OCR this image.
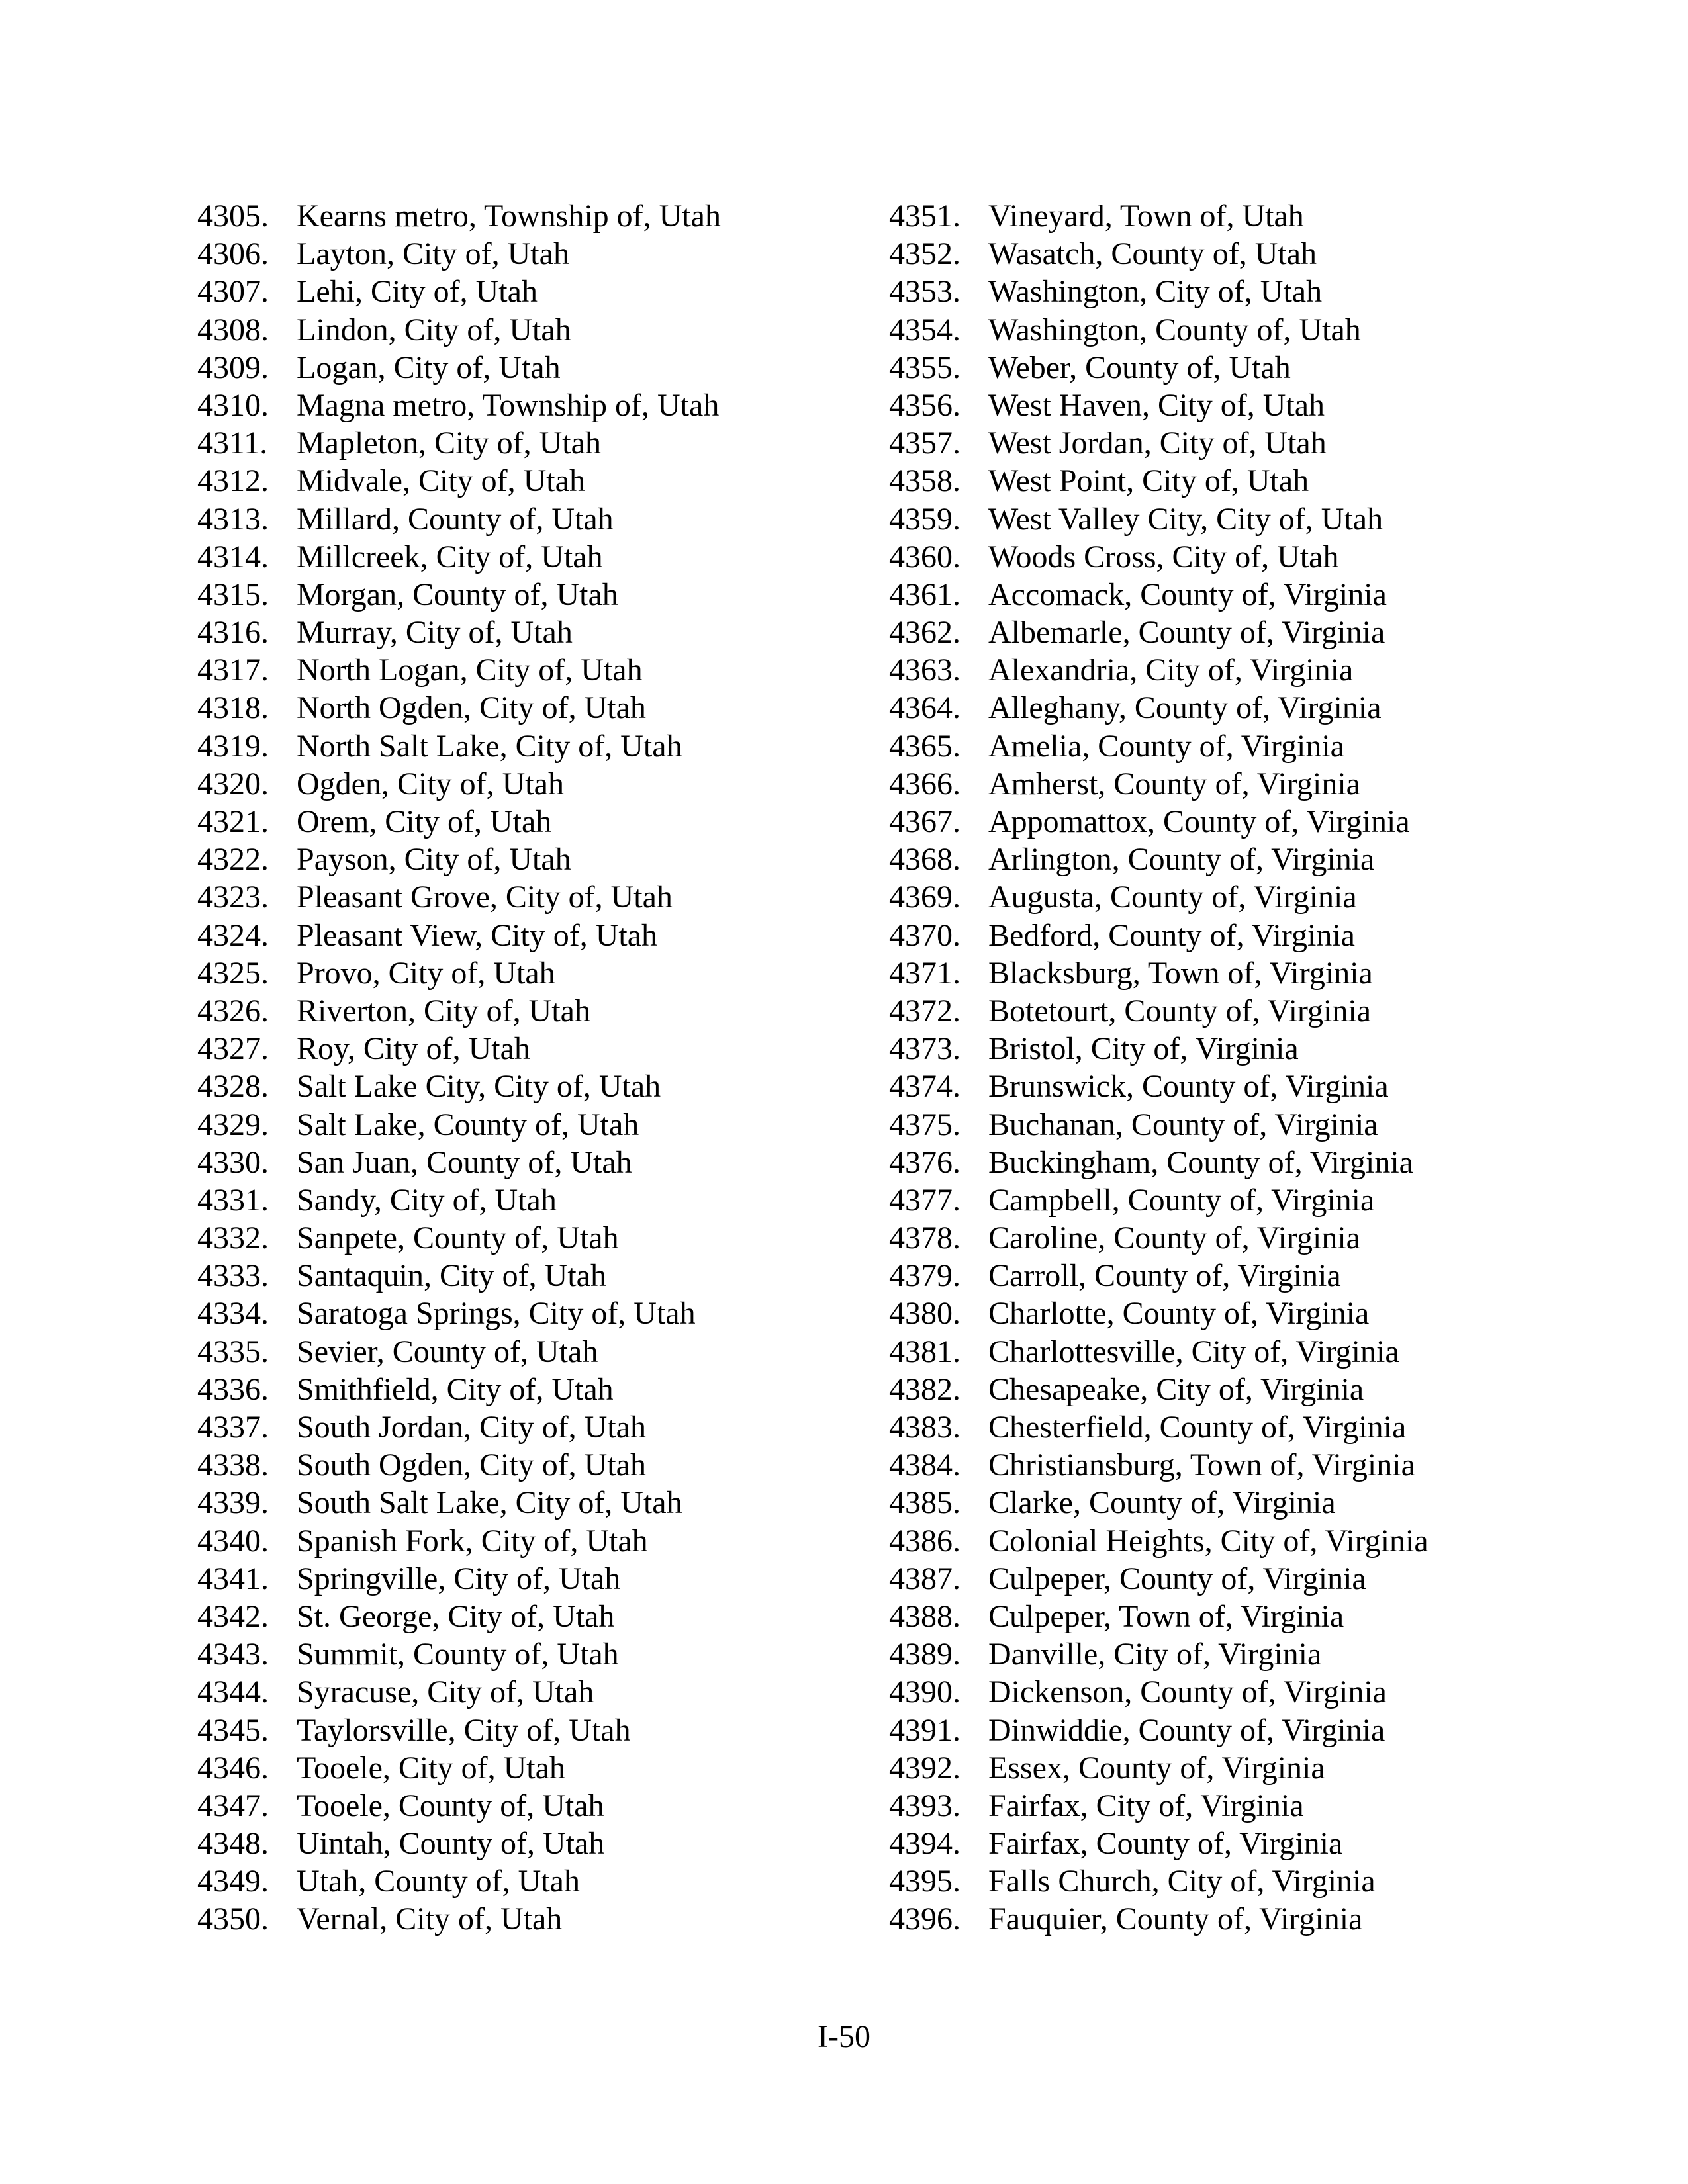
4305. Kearns metro, Township of, Utah
4306. Layton, City of, Utah
4307. Lehi, City of, Utah
4308. Lindon, City of, Utah
4309. Logan, City of, Utah
4310. Magna metro, Township of, Utah
4311. Mapleton, City of, Utah
4312. Midvale, City of, Utah
4313. Millard, County of, Utah
4314. Millcreek, City of, Utah
4315. Morgan, County of, Utah
4316. Murray, City of, Utah
4317. North Logan, City of, Utah
4318. North Ogden, City of, Utah
4319. North Salt Lake, City of, Utah
4320. Ogden, City of, Utah
4321. Orem, City of, Utah
4322. Payson, City of, Utah
4323. Pleasant Grove, City of, Utah
4324. Pleasant View, City of, Utah
4325. Provo, City of, Utah
4326. Riverton, City of, Utah
4327. Roy, City of, Utah
4328. Salt Lake City, City of, Utah
4329. Salt Lake, County of, Utah
4330. San Juan, County of, Utah
4331. Sandy, City of, Utah
4332. Sanpete, County of, Utah
4333. Santaquin, City of, Utah
4334. Saratoga Springs, City of, Utah
4335. Sevier, County of, Utah
4336. Smithfield, City of, Utah
4337. South Jordan, City of, Utah
4338. South Ogden, City of, Utah
4339. South Salt Lake, City of, Utah
4340. Spanish Fork, City of, Utah
4341. Springville, City of, Utah
4342. St. George, City of, Utah
4343. Summit, County of, Utah
4344. Syracuse, City of, Utah
4345. Taylorsville, City of, Utah
4346. Tooele, City of, Utah
4347. Tooele, County of, Utah
4348. Uintah, County of, Utah
4349. Utah, County of, Utah
4350. Vernal, City of, Utah
4351. Vineyard, Town of, Utah
4352. Wasatch, County of, Utah
4353. Washington, City of, Utah
4354. Washington, County of, Utah
4355. Weber, County of, Utah
4356. West Haven, City of, Utah
4357. West Jordan, City of, Utah
4358. West Point, City of, Utah
4359. West Valley City, City of, Utah
4360. Woods Cross, City of, Utah
4361. Accomack, County of, Virginia
4362. Albemarle, County of, Virginia
4363. Alexandria, City of, Virginia
4364. Alleghany, County of, Virginia
4365. Amelia, County of, Virginia
4366. Amherst, County of, Virginia
4367. Appomattox, County of, Virginia
4368. Arlington, County of, Virginia
4369. Augusta, County of, Virginia
4370. Bedford, County of, Virginia
4371. Blacksburg, Town of, Virginia
4372. Botetourt, County of, Virginia
4373. Bristol, City of, Virginia
4374. Brunswick, County of, Virginia
4375. Buchanan, County of, Virginia
4376. Buckingham, County of, Virginia
4377. Campbell, County of, Virginia
4378. Caroline, County of, Virginia
4379. Carroll, County of, Virginia
4380. Charlotte, County of, Virginia
4381. Charlottesville, City of, Virginia
4382. Chesapeake, City of, Virginia
4383. Chesterfield, County of, Virginia
4384. Christiansburg, Town of, Virginia
4385. Clarke, County of, Virginia
4386. Colonial Heights, City of, Virginia
4387. Culpeper, County of, Virginia
4388. Culpeper, Town of, Virginia
4389. Danville, City of, Virginia
4390. Dickenson, County of, Virginia
4391. Dinwiddie, County of, Virginia
4392. Essex, County of, Virginia
4393. Fairfax, City of, Virginia
4394. Fairfax, County of, Virginia
4395. Falls Church, City of, Virginia
4396. Fauquier, County of, Virginia
I-50
